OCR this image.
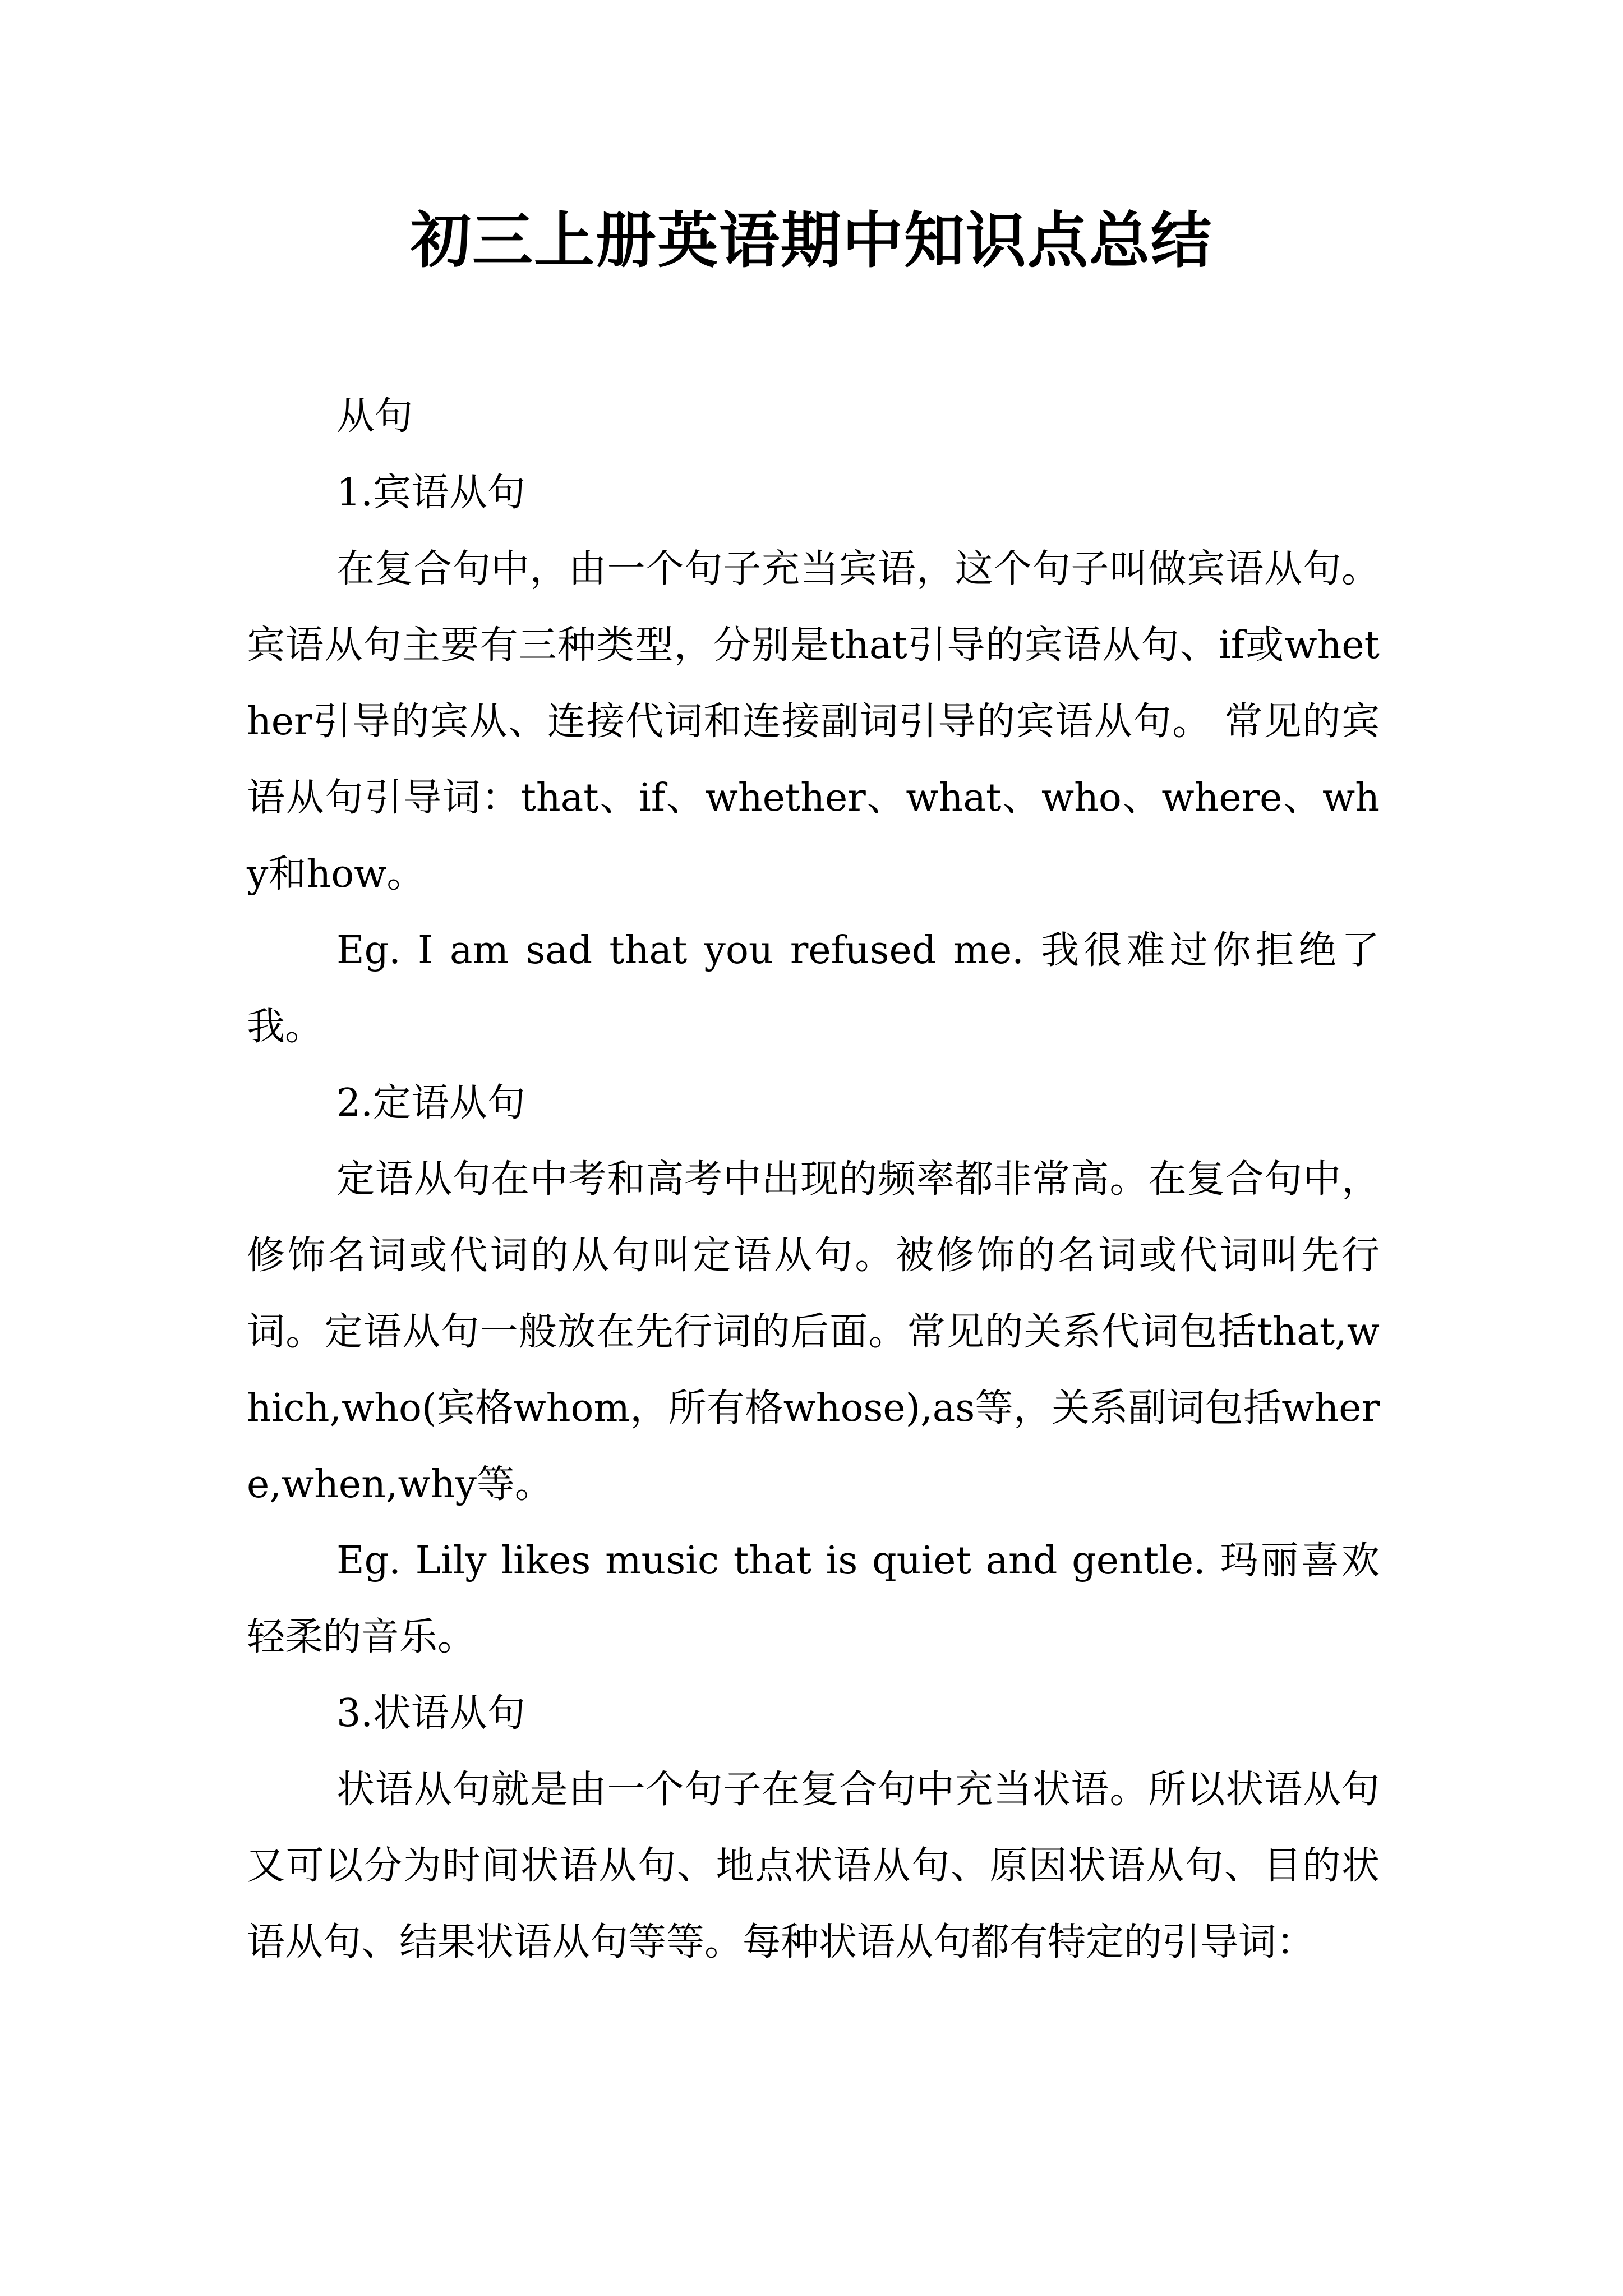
初三上册英语期中知识点总结

从句

1.宾语从句

在复合句中，由一个句子充当宾语，这个句子叫做宾语从句。宾语从句主要有三种类型，分别是that引导的宾语从句、if或whether引导的宾从、连接代词和连接副词引导的宾语从句。 常见的宾语从句引导词：that、if、whether、what、who、where、why和how。

Eg. I am sad that you refused me. 我很难过你拒绝了我。

2.定语从句

定语从句在中考和高考中出现的频率都非常高。在复合句中，修饰名词或代词的从句叫定语从句。被修饰的名词或代词叫先行词。定语从句一般放在先行词的后面。常见的关系代词包括that,which,who(宾格whom，所有格whose),as等，关系副词包括where,when,why等。

Eg. Lily likes music that is quiet and gentle. 玛丽喜欢轻柔的音乐。

3.状语从句

状语从句就是由一个句子在复合句中充当状语。所以状语从句又可以分为时间状语从句、地点状语从句、原因状语从句、目的状语从句、结果状语从句等等。每种状语从句都有特定的引导词：
